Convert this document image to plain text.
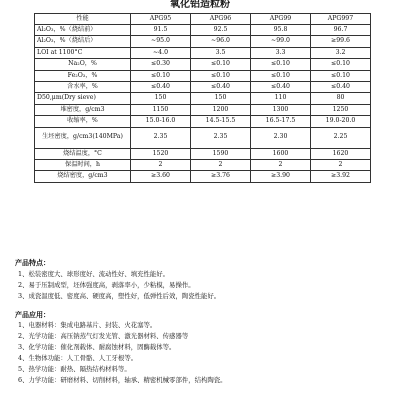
氧化铝造粒粉
性能	APG95	APG96	APG99	APG997
Al₂O₃，%（烧结前）	91.5	92.5	95.8	96.7
Al₂O₃，%（烧结后）	~95.0	~96.0	~99.0	≥99.6
LOI at 1100°C	~4.0	3.5	3.3	3.2
Na₂O，%	≤0.30	≤0.10	≤0.10	≤0.10
Fe₂O₃，%	≤0.10	≤0.10	≤0.10	≤0.10
含水率，%	≤0.40	≤0.40	≤0.40	≤0.40
D50,μm(Dry sieve)	150	150	110	80
堆密度，g/cm3	1150	1200	1300	1250
收缩率，%	15.0-16.0	14.5-15.5	16.5-17.5	19.0-20.0
生坯密度，g/cm3(140MPa)	2.35	2.35	2.30	2.25
烧结温度，°C	1520	1590	1600	1620
保温时间，h	2	2	2	2
烧结密度，g/cm3	≥3.60	≥3.76	≥3.90	≥3.92
产品特点：
1、松装密度大、球形度好、流动性好、填充性能好。
2、易于压制成型，坯体强度高，剥落率小，少粘模，易操作。
3、成瓷温度低、密度高、硬度高，塑性好，低弹性后效，陶瓷性能好。
产品应用：
1、电器材料：集成电路基片、封装、火花塞等。
2、光学功能：高压钠蒸气灯发光管、激光器材料、传感器等
3、化学功能：催化剂载体、耐腐蚀材料，固酶载体等。
4、生物体功能：人工骨骼、人工牙根等。
5、热学功能：耐热、隔热结构材料等。
6、力学功能：研磨材料、切削材料，轴承、精密机械零部件，结构陶瓷。
